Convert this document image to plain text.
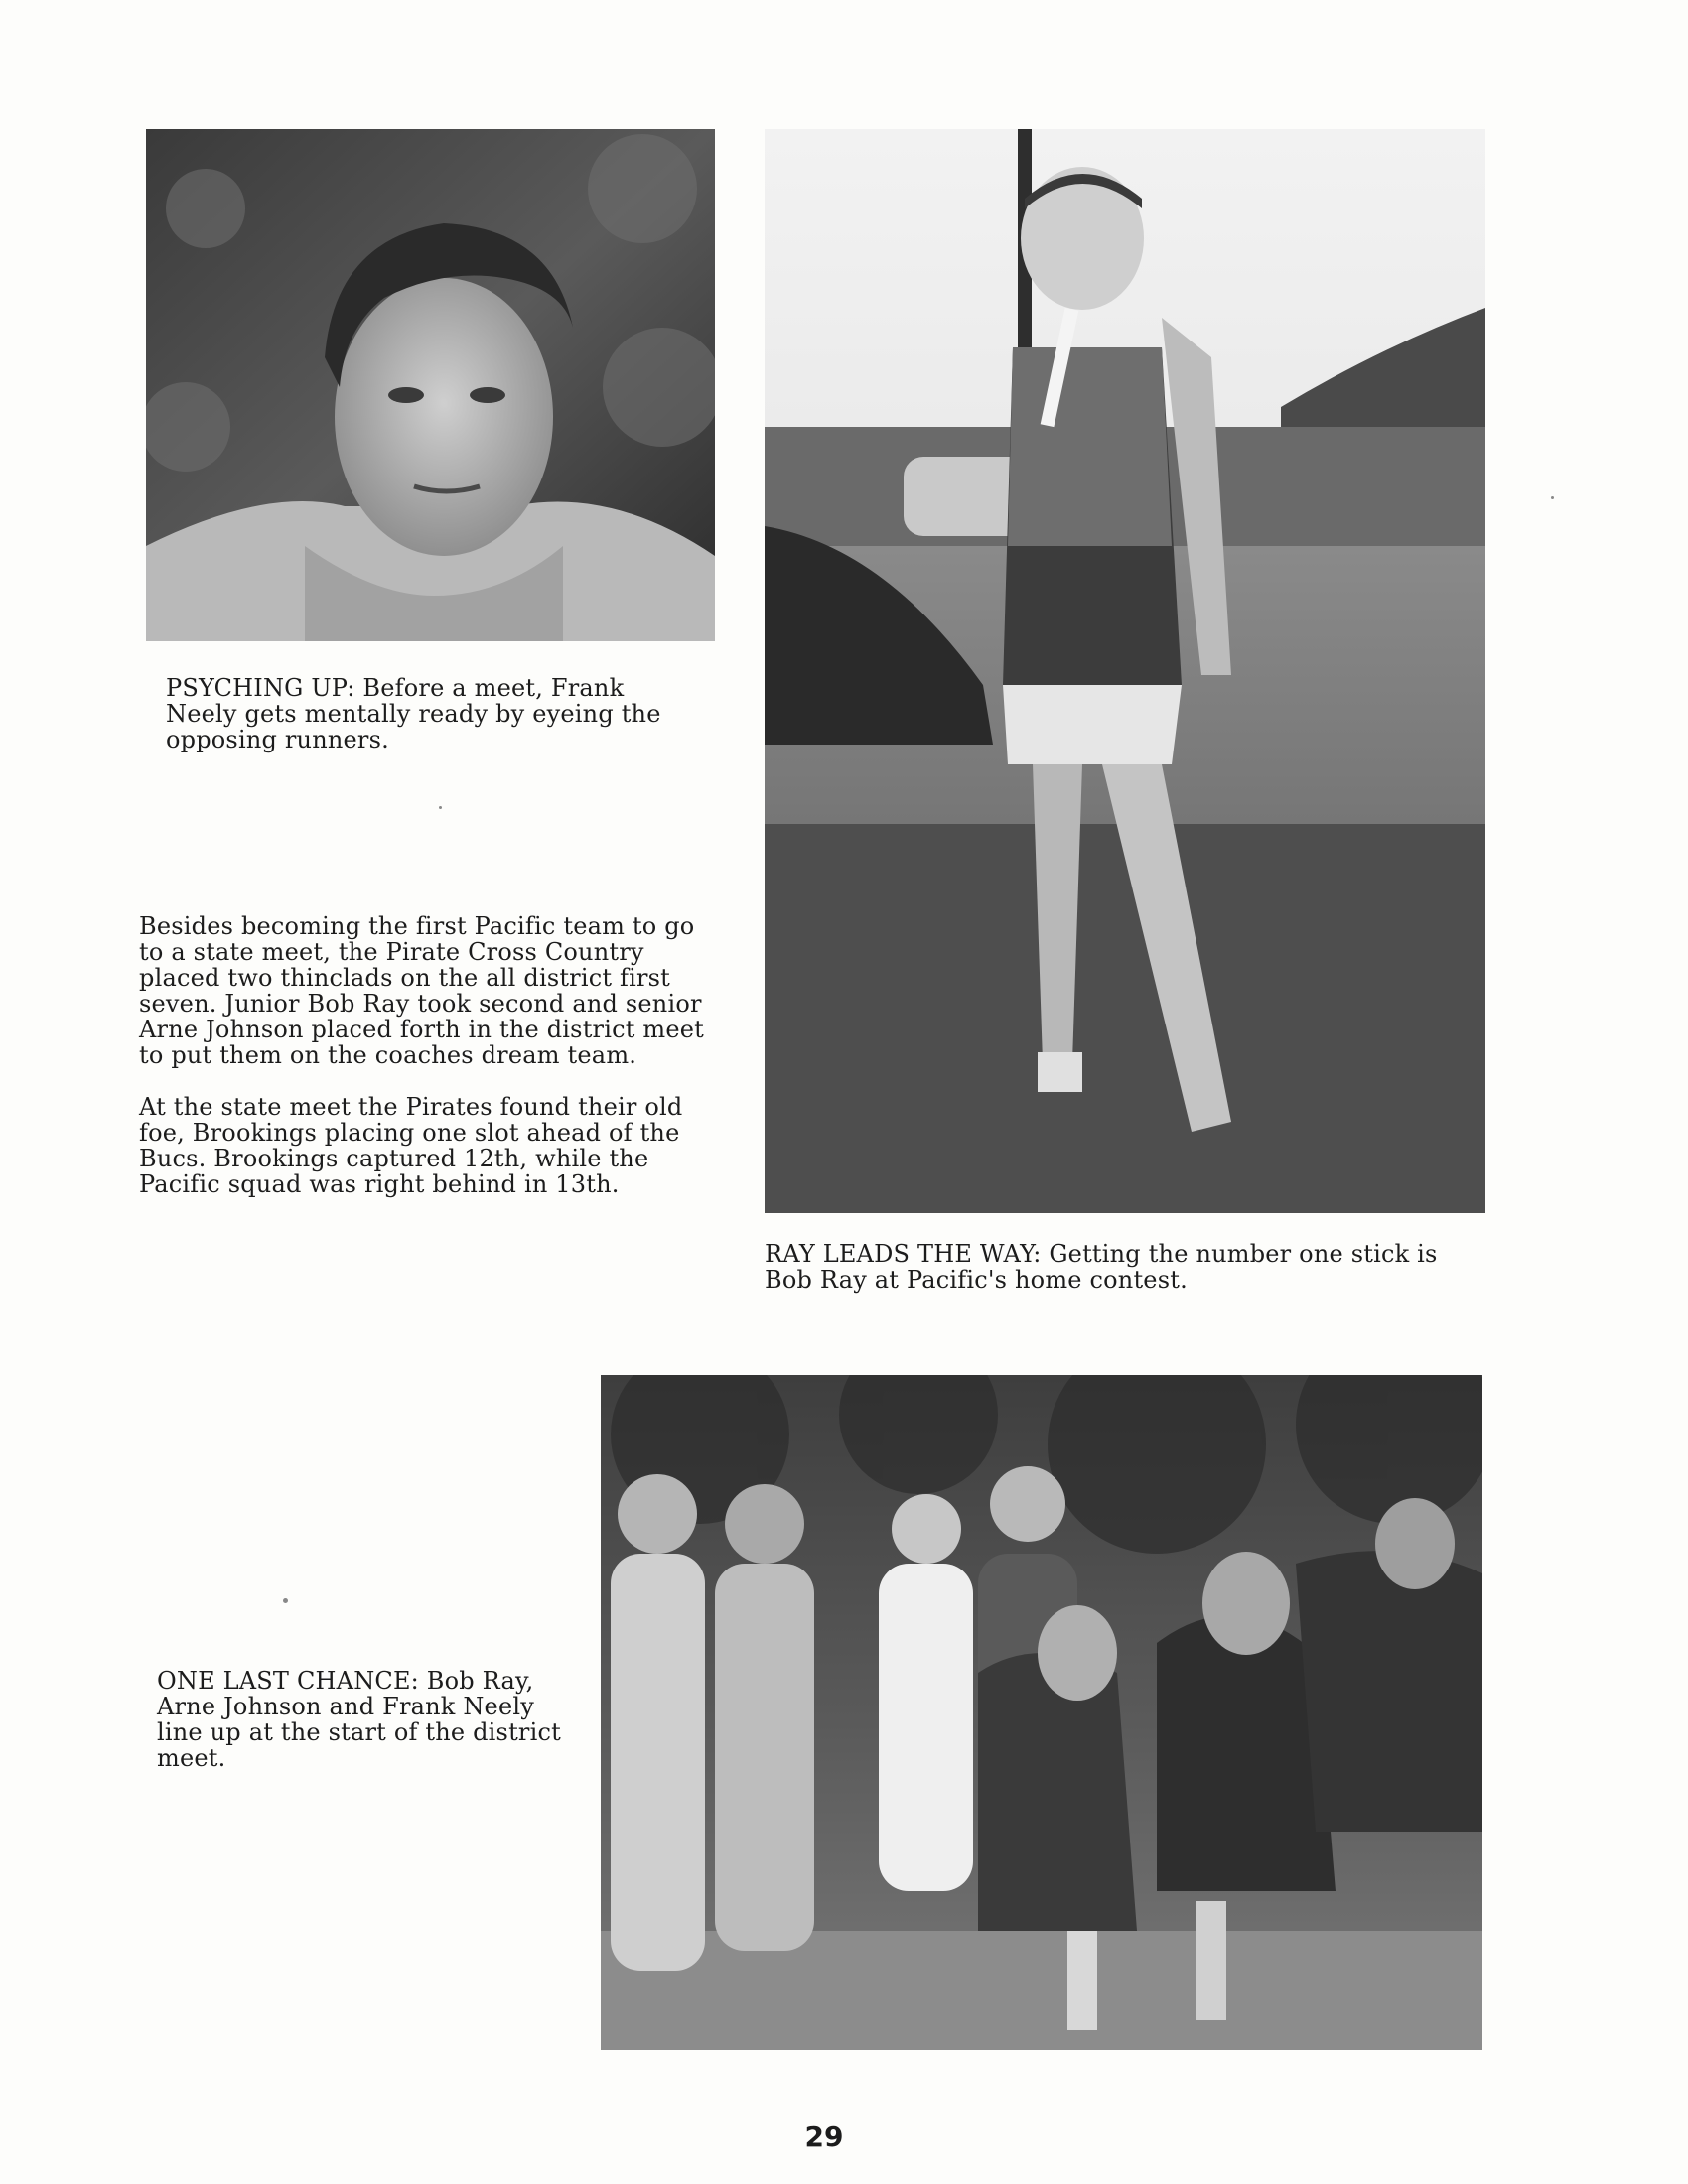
PSYCHING UP: Before a meet, Frank Neely gets mentally ready by eyeing the opposing runners.
RAY LEADS THE WAY: Getting the number one stick is Bob Ray at Pacific's home contest.

Besides becoming the first Pacific team to go to a state meet, the Pirate Cross Country placed two thinclads on the all district first seven. Junior Bob Ray took second and senior Arne Johnson placed forth in the district meet to put them on the coaches dream team.

At the state meet the Pirates found their old foe, Brookings placing one slot ahead of the Bucs. Brookings captured 12th, while the Pacific squad was right behind in 13th.

ONE LAST CHANCE: Bob Ray, Arne Johnson and Frank Neely line up at the start of the district meet.
29
